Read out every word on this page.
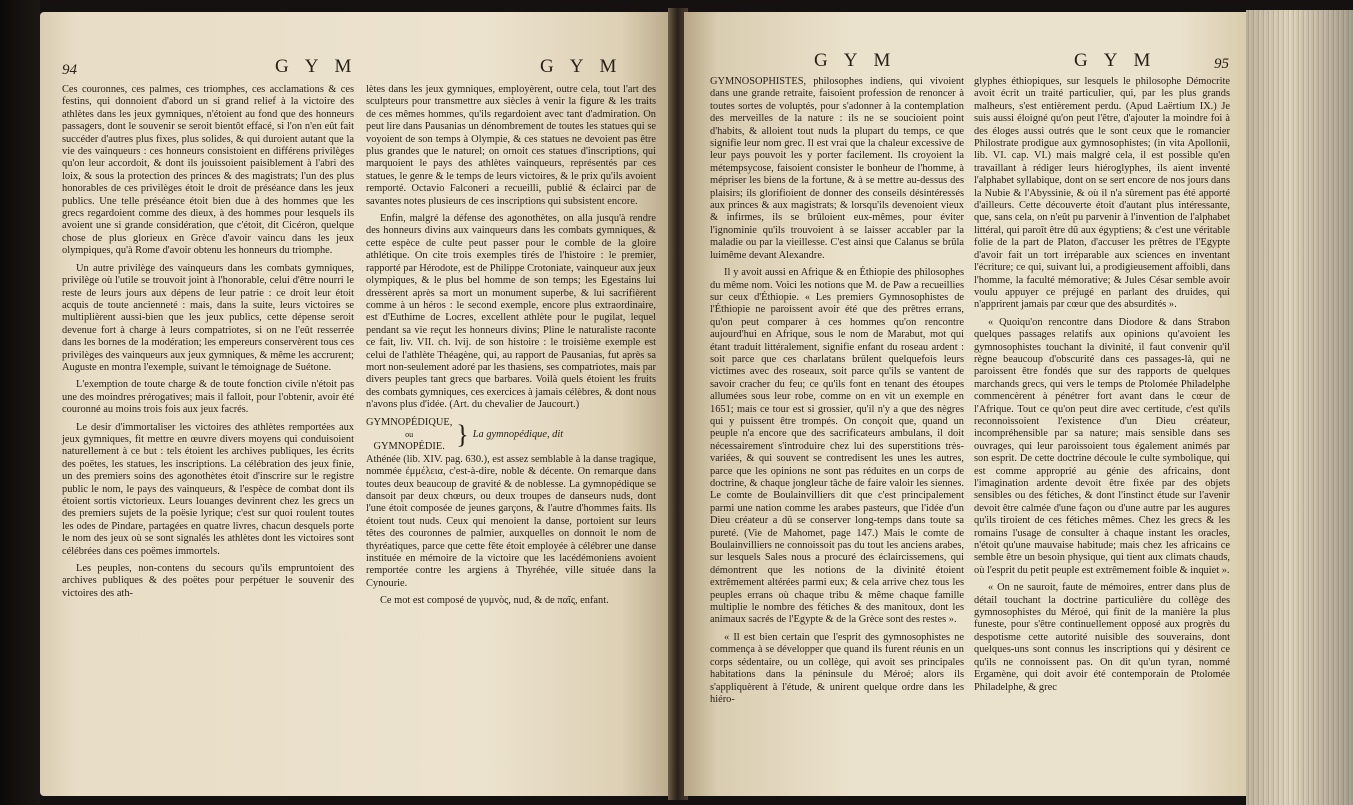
94	G Y M	G Y M

Ces couronnes, ces palmes, ces triomphes, ces acclamations & ces festins, qui donnoient d'abord un si grand relief à la victoire des athlètes dans les jeux gymniques, n'étoient au fond que des honneurs passagers, dont le souvenir se seroit bientôt effacé, si l'on n'en eût fait succéder d'autres plus fixes, plus solides, & qui duroient autant que la vie des vainqueurs : ces honneurs consistoient en différens privilèges qu'on leur accordoit, & dont ils jouissoient paisiblement à l'abri des loix, & sous la protection des princes & des magistrats; l'un des plus honorables de ces privilèges étoit le droit de préséance dans les jeux publics. Une telle préséance étoit bien due à des hommes que les grecs regardoient comme des dieux, à des hommes pour lesquels ils avoient une si grande considération, que c'étoit, dit Cicéron, quelque chose de plus glorieux en Grèce d'avoir vaincu dans les jeux olympiques, qu'à Rome d'avoir obtenu les honneurs du triomphe.

Un autre privilège des vainqueurs dans les combats gymniques, privilège où l'utile se trouvoit joint à l'honorable, celui d'être nourri le reste de leurs jours aux dépens de leur patrie : ce droit leur étoit acquis de toute ancienneté : mais, dans la suite, leurs victoires se multiplièrent aussi-bien que les jeux publics, cette dépense seroit devenue fort à charge à leurs compatriotes, si on ne l'eût resserrée dans les bornes de la modération; les empereurs conservèrent tous ces privilèges des vainqueurs aux jeux gymniques, & même les accrurent; Auguste en montra l'exemple, suivant le témoignage de Suétone.

L'exemption de toute charge & de toute fonction civile n'étoit pas une des moindres prérogatives; mais il falloit, pour l'obtenir, avoir été couronné au moins trois fois aux jeux facrés.

Le desir d'immortaliser les victoires des athlètes remportées aux jeux gymniques, fit mettre en œuvre divers moyens qui conduisoient naturellement à ce but : tels étoient les archives publiques, les écrits des poëtes, les statues, les inscriptions. La célébration des jeux finie, un des premiers soins des agonothètes étoit d'inscrire sur le registre public le nom, le pays des vainqueurs, & l'espèce de combat dont ils étoient sortis victorieux. Leurs louanges devinrent chez les grecs un des premiers sujets de la poësie lyrique; c'est sur quoi roulent toutes les odes de Pindare, partagées en quatre livres, chacun desquels porte le nom des jeux où se sont signalés les athlètes dont les victoires sont célébrées dans ces poëmes immortels.

Les peuples, non-contens du secours qu'ils empruntoient des archives publiques & des poëtes pour perpétuer le souvenir des victoires des ath-

lètes dans les jeux gymniques, employèrent, outre cela, tout l'art des sculpteurs pour transmettre aux siècles à venir la figure & les traits de ces mêmes hommes, qu'ils regardoient avec tant d'admiration. On peut lire dans Pausanias un dénombrement de toutes les statues qui se voyoient de son temps à Olympie, & ces statues ne devoient pas être plus grandes que le naturel; on ornoit ces statues d'inscriptions, qui marquoient le pays des athlètes vainqueurs, représentés par ces statues, le genre & le temps de leurs victoires, & le prix qu'ils avoient remporté. Octavio Falconeri a recueilli, publié & éclairci par de savantes notes plusieurs de ces inscriptions qui subsistent encore.

Enfin, malgré la défense des agonothètes, on alla jusqu'à rendre des honneurs divins aux vainqueurs dans les combats gymniques, & cette espèce de culte peut passer pour le comble de la gloire athlétique. On cite trois exemples tirés de l'histoire : le premier, rapporté par Hérodote, est de Philippe Crotoniate, vainqueur aux jeux olympiques, & le plus bel homme de son temps; les Egestains lui dressèrent après sa mort un monument superbe, & lui sacrifièrent comme à un héros : le second exemple, encore plus extraordinaire, est d'Euthime de Locres, excellent athlète pour le pugilat, lequel pendant sa vie reçut les honneurs divins; Pline le naturaliste raconte ce fait, liv. VII. ch. lvij. de son histoire : le troisième exemple est celui de l'athlète Théagène, qui, au rapport de Pausanias, fut après sa mort non-seulement adoré par les thasiens, ses compatriotes, mais par divers peuples tant grecs que barbares. Voilà quels étoient les fruits des combats gymniques, ces exercices à jamais célèbres, & dont nous n'avons plus d'idée. (Art. du chevalier de Jaucourt.)

GYMNOPÉDIQUE,
ou
GYMNOPÉDIE. } La gymnopédique, dit

Athénée (lib. XIV. pag. 630.), est assez semblable à la danse tragique, nommée ἐμμέλεια, c'est-à-dire, noble & décente. On remarque dans toutes deux beaucoup de gravité & de noblesse. La gymnopédique se dansoit par deux chœurs, ou deux troupes de danseurs nuds, dont l'une étoit composée de jeunes garçons, & l'autre d'hommes faits. Ils étoient tout nuds. Ceux qui menoient la danse, portoient sur leurs têtes des couronnes de palmier, auxquelles on donnoit le nom de thyréatiques, parce que cette fête étoit employée à célébrer une danse instituée en mémoire de la victoire que les lacédémoniens avoient remportée contre les argiens à Thyréhée, ville située dans la Cynourie.

Ce mot est composé de γυμνὸς, nud, & de παῖς, enfant.

G Y M	G Y M	95

GYMNOSOPHISTES, philosophes indiens, qui vivoient dans une grande retraite, faisoient profession de renoncer à toutes sortes de voluptés, pour s'adonner à la contemplation des merveilles de la nature : ils ne se soucioient point d'habits, & alloient tout nuds la plupart du temps, ce que signifie leur nom grec. Il est vrai que la chaleur excessive de leur pays pouvoit les y porter facilement. Ils croyoient la métempsycose, faisoient consister le bonheur de l'homme, à mépriser les biens de la fortune, & à se mettre au-dessus des plaisirs; ils glorifioient de donner des conseils désintéressés aux princes & aux magistrats; & lorsqu'ils devenoient vieux & infirmes, ils se brûloient eux-mêmes, pour éviter l'ignominie qu'ils trouvoient à se laisser accabler par la maladie ou par la vieillesse. C'est ainsi que Calanus se brûla luimême devant Alexandre.

Il y avoit aussi en Afrique & en Éthiopie des philosophes du même nom. Voici les notions que M. de Paw a recueillies sur ceux d'Éthiopie. « Les premiers Gymnosophistes de l'Éthiopie ne paroissent avoir été que des prêtres errans, qu'on peut comparer à ces hommes qu'on rencontre aujourd'hui en Afrique, sous le nom de Marabut, mot qui étant traduit littéralement, signifie enfant du roseau ardent : soit parce que ces charlatans brûlent quelquefois leurs victimes avec des roseaux, soit parce qu'ils se vantent de savoir cracher du feu; ce qu'ils font en tenant des étoupes allumées sous leur robe, comme on en vit un exemple en 1651; mais ce tour est si grossier, qu'il n'y a que des nègres qui y puissent être trompés. On conçoit que, quand un peuple n'a encore que des sacrificateurs ambulans, il doit nécessairement s'introduire chez lui des superstitions très-variées, & qui souvent se contredisent les unes les autres, parce que les opinions ne sont pas réduites en un corps de doctrine, & chaque jongleur tâche de faire valoir les siennes. Le comte de Boulainvilliers dit que c'est principalement parmi une nation comme les arabes pasteurs, que l'idée d'un Dieu créateur a dû se conserver long-temps dans toute sa pureté. (Vie de Mahomet, page 147.) Mais le comte de Boulainvilliers ne connoissoit pas du tout les anciens arabes, sur lesquels Sales nous a procuré des éclaircissemens, qui démontrent que les notions de la divinité étoient extrêmement altérées parmi eux; & cela arrive chez tous les peuples errans où chaque tribu & même chaque famille multiplie le nombre des fétiches & des manitoux, dont les animaux sacrés de l'Egypte & de la Grèce sont des restes ».

« Il est bien certain que l'esprit des gymnosophistes ne commença à se développer que quand ils furent réunis en un corps sédentaire, ou un collège, qui avoit ses principales habitations dans la péninsule du Méroé; alors ils s'appliquèrent à l'étude, & unirent quelque ordre dans les hiéro-

glyphes éthiopiques, sur lesquels le philosophe Démocrite avoit écrit un traité particulier, qui, par les plus grands malheurs, s'est entièrement perdu. (Apud Laërtium IX.) Je suis aussi éloigné qu'on peut l'être, d'ajouter la moindre foi à des éloges aussi outrés que le sont ceux que le romancier Philostrate prodigue aux gymnosophistes; (in vita Apollonii, lib. VI. cap. VI.) mais malgré cela, il est possible qu'en travaillant à rédiger leurs hiéroglyphes, ils aient inventé l'alphabet syllabique, dont on se sert encore de nos jours dans la Nubie & l'Abyssinie, & où il n'a sûrement pas été apporté d'ailleurs. Cette découverte étoit d'autant plus intéressante, que, sans cela, on n'eût pu parvenir à l'invention de l'alphabet littéral, qui paroît être dû aux égyptiens; & c'est une véritable folie de la part de Platon, d'accuser les prêtres de l'Egypte d'avoir fait un tort irréparable aux sciences en inventant l'écriture; ce qui, suivant lui, a prodigieusement affoibli, dans l'homme, la faculté mémorative; & Jules César semble avoir voulu appuyer ce préjugé en parlant des druides, qui n'apprirent jamais par cœur que des absurdités ».

« Quoiqu'on rencontre dans Diodore & dans Strabon quelques passages relatifs aux opinions qu'avoient les gymnosophistes touchant la divinité, il faut convenir qu'il règne beaucoup d'obscurité dans ces passages-là, qui ne paroissent être fondés que sur des rapports de quelques marchands grecs, qui vers le temps de Ptolomée Philadelphe commencèrent à pénétrer fort avant dans le cœur de l'Afrique. Tout ce qu'on peut dire avec certitude, c'est qu'ils reconnoissoient l'existence d'un Dieu créateur, incompréhensible par sa nature; mais sensible dans ses ouvrages, qui leur paroissoient tous également animés par son esprit. De cette doctrine découle le culte symbolique, qui est comme approprié au génie des africains, dont l'imagination ardente devoit être fixée par des objets sensibles ou des fétiches, & dont l'instinct étude sur l'avenir devoit être calmée d'une façon ou d'une autre par les augures qu'ils tiroient de ces fétiches mêmes. Chez les grecs & les romains l'usage de consulter à chaque instant les oracles, n'étoit qu'une mauvaise habitude; mais chez les africains ce semble être un besoin physique, qui tient aux climats chauds, où l'esprit du petit peuple est extrêmement foible & inquiet ».

« On ne sauroit, faute de mémoires, entrer dans plus de détail touchant la doctrine particulière du collège des gymnosophistes du Méroé, qui finit de la manière la plus funeste, pour s'être continuellement opposé aux progrès du despotisme cette autorité nuisible des souverains, dont quelques-uns sont connus les inscriptions qui y désirent ce qu'ils ne connoissent pas. On dit qu'un tyran, nommé Ergamène, qui doit avoir été contemporain de Ptolomée Philadelphe, & grec
